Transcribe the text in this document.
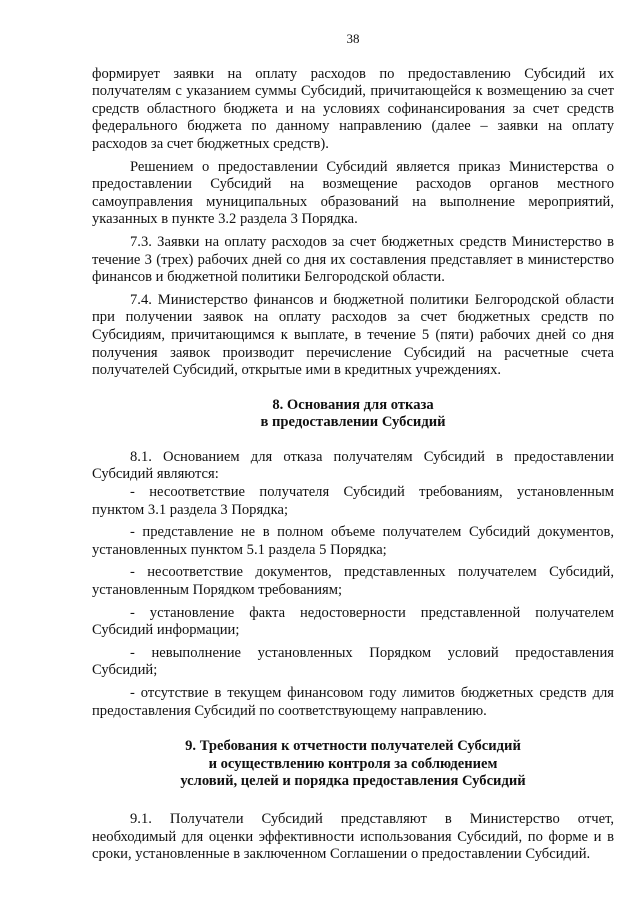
38

формирует заявки на оплату расходов по предоставлению Субсидий их получателям с указанием суммы Субсидий, причитающейся к возмещению за счет средств областного бюджета и на условиях софинансирования за счет средств федерального бюджета по данному направлению (далее – заявки на оплату расходов за счет бюджетных средств).

Решением о предоставлении Субсидий является приказ Министерства о предоставлении Субсидий на возмещение расходов органов местного самоуправления муниципальных образований на выполнение мероприятий, указанных в пункте 3.2 раздела 3 Порядка.

7.3. Заявки на оплату расходов за счет бюджетных средств Министерство в течение 3 (трех) рабочих дней со дня их составления представляет в министерство финансов и бюджетной политики Белгородской области.

7.4. Министерство финансов и бюджетной политики Белгородской области при получении заявок на оплату расходов за счет бюджетных средств по Субсидиям, причитающимся к выплате, в течение 5 (пяти) рабочих дней со дня получения заявок производит перечисление Субсидий на расчетные счета получателей Субсидий, открытые ими в кредитных учреждениях.

8. Основания для отказа

в предоставлении Субсидий

8.1. Основанием для отказа получателям Субсидий в предоставлении Субсидий являются:

- несоответствие получателя Субсидий требованиям, установленным пунктом 3.1 раздела 3 Порядка;

- представление не в полном объеме получателем Субсидий документов, установленных пунктом 5.1 раздела 5 Порядка;

- несоответствие документов, представленных получателем Субсидий, установленным Порядком требованиям;

- установление факта недостоверности представленной получателем Субсидий информации;

- невыполнение установленных Порядком условий предоставления Субсидий;

- отсутствие в текущем финансовом году лимитов бюджетных средств для предоставления Субсидий по соответствующему направлению.

9. Требования к отчетности получателей Субсидий

и осуществлению контроля за соблюдением

условий, целей и порядка предоставления Субсидий

9.1. Получатели Субсидий представляют в Министерство отчет, необходимый для оценки эффективности использования Субсидий, по форме и в сроки, установленные в заключенном Соглашении о предоставлении Субсидий.
